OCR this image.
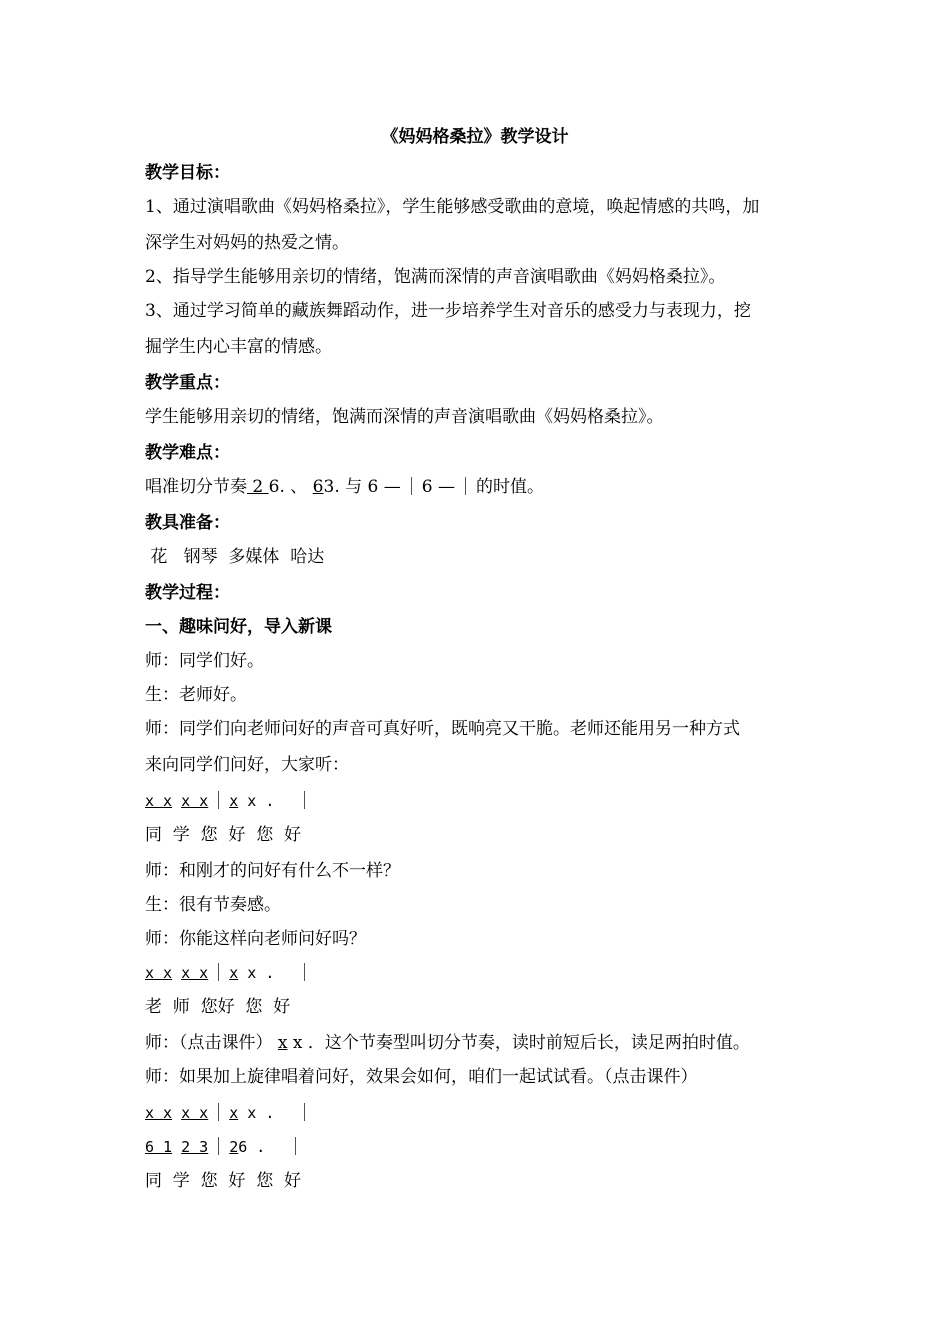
《妈妈格桑拉》教学设计
教学目标：
1、通过演唱歌曲《妈妈格桑拉》，学生能够感受歌曲的意境，唤起情感的共鸣，加
深学生对妈妈的热爱之情。
2、指导学生能够用亲切的情绪，饱满而深情的声音演唱歌曲《妈妈格桑拉》。
3、通过学习简单的藏族舞蹈动作，进一步培养学生对音乐的感受力与表现力，挖
掘学生内心丰富的情感。
教学重点：
学生能够用亲切的情绪，饱满而深情的声音演唱歌曲《妈妈格桑拉》。
教学难点：
唱准切分节奏 2 6. 、 63. 与 6 — 6 — 的时值。
教具准备：
花   钢琴  多媒体  哈达
教学过程：
一、趣味问好，导入新课
师：同学们好。
生：老师好。
师：同学们向老师问好的声音可真好听，既响亮又干脆。老师还能用另一种方式
来向同学们问好，大家听：
x x x x x x .
同  学  您  好  您  好
师：和刚才的问好有什么不一样？
生：很有节奏感。
师：你能这样向老师问好吗？
x x x x x x .
老  师  您好  您  好
师：（点击课件） x x ．这个节奏型叫切分节奏，读时前短后长，读足两拍时值。
师：如果加上旋律唱着问好，效果会如何，咱们一起试试看。（点击课件）
x x x x x x .
6 1 2 3 26 .
同  学  您  好  您  好
